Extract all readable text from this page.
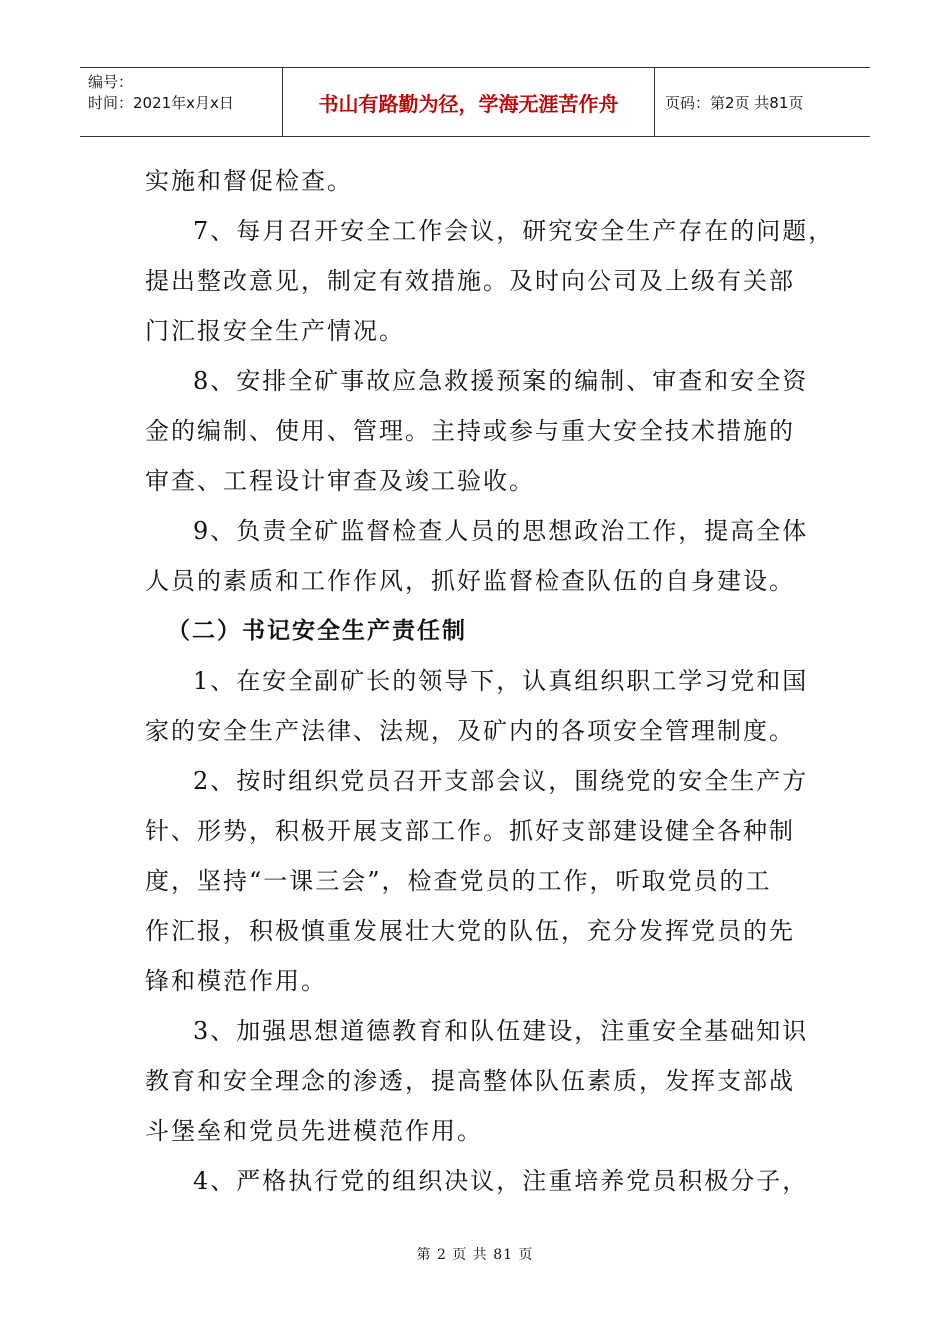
编号：
时间：2021年x月x日	书山有路勤为径，学海无涯苦作舟	页码：第2页 共81页
实施和督促检查。
7、每月召开安全工作会议，研究安全生产存在的问题，
提出整改意见，制定有效措施。及时向公司及上级有关部
门汇报安全生产情况。
8、安排全矿事故应急救援预案的编制、审查和安全资
金的编制、使用、管理。主持或参与重大安全技术措施的
审查、工程设计审查及竣工验收。
9、负责全矿监督检查人员的思想政治工作，提高全体
人员的素质和工作作风，抓好监督检查队伍的自身建设。
（二）书记安全生产责任制
1、在安全副矿长的领导下，认真组织职工学习党和国
家的安全生产法律、法规，及矿内的各项安全管理制度。
2、按时组织党员召开支部会议，围绕党的安全生产方
针、形势，积极开展支部工作。抓好支部建设健全各种制
度，坚持“一课三会”，检查党员的工作，听取党员的工
作汇报，积极慎重发展壮大党的队伍，充分发挥党员的先
锋和模范作用。
3、加强思想道德教育和队伍建设，注重安全基础知识
教育和安全理念的渗透，提高整体队伍素质，发挥支部战
斗堡垒和党员先进模范作用。
4、严格执行党的组织决议，注重培养党员积极分子，
第 2 页 共 81 页
